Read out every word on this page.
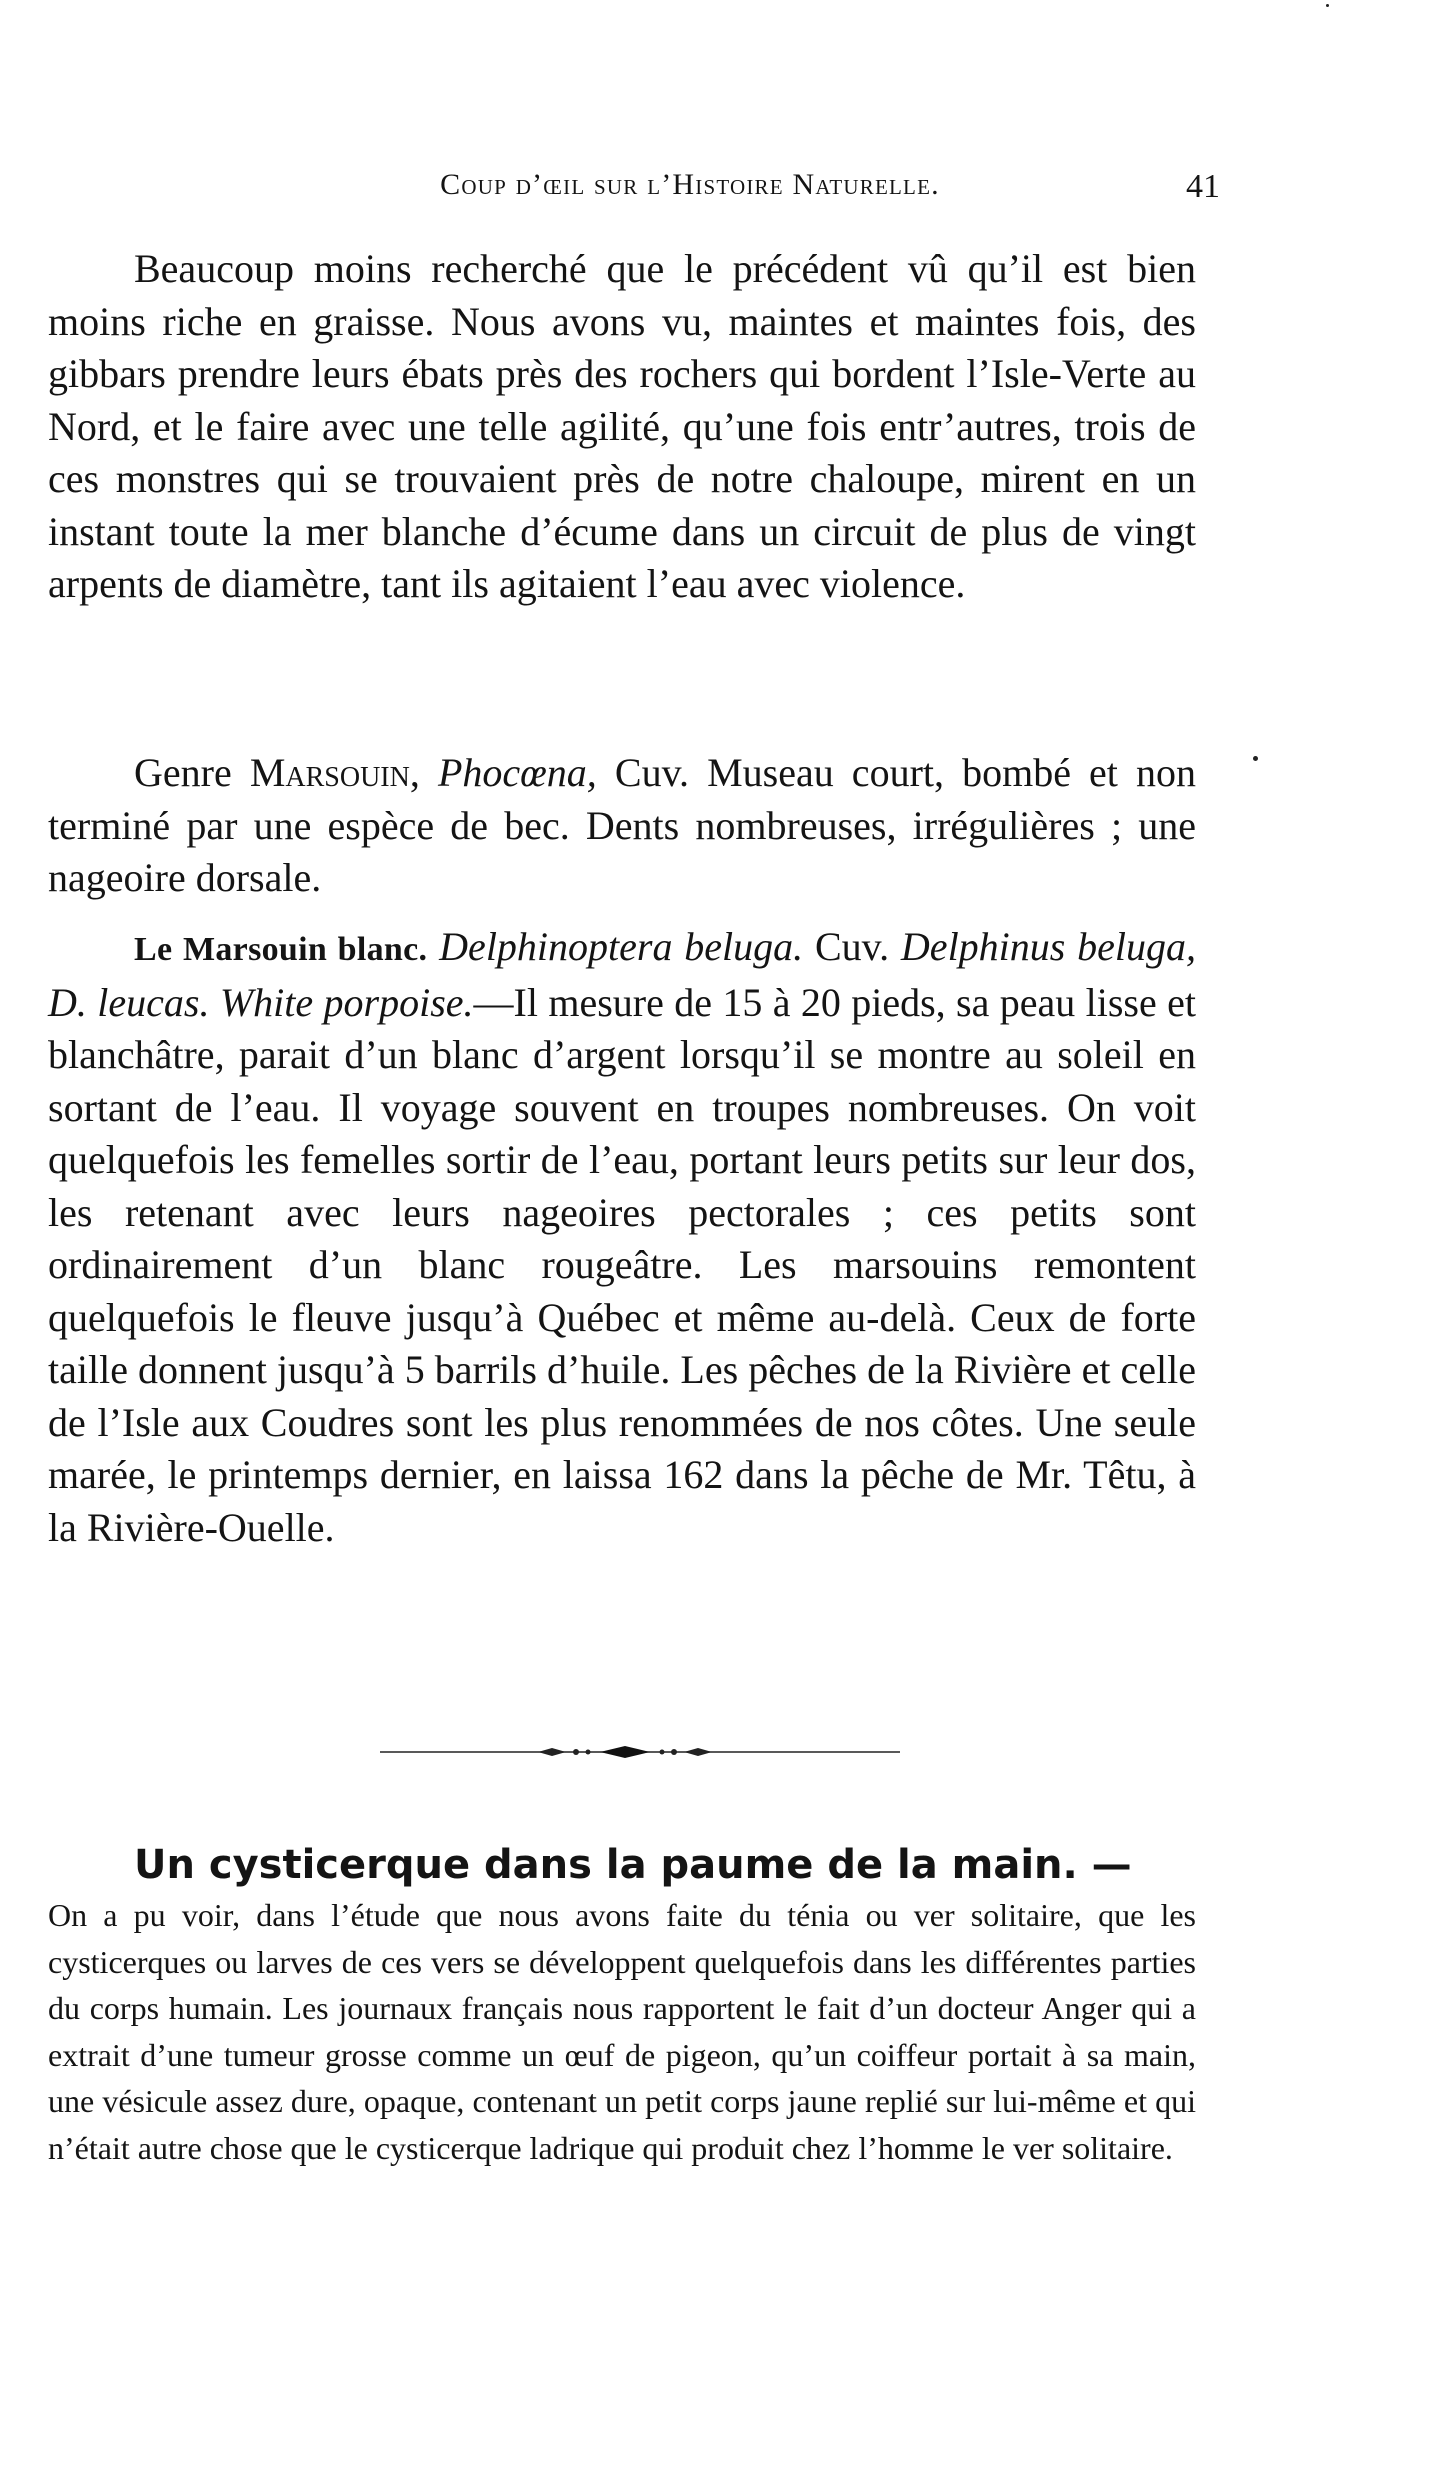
Coup d’œil sur l’Histoire Naturelle.	41

Beaucoup moins recherché que le précédent vû qu’il est bien moins riche en graisse. Nous avons vu, maintes et maintes fois, des gibbars prendre leurs ébats près des rochers qui bordent l’Isle-Verte au Nord, et le faire avec une telle agilité, qu’une fois entr’autres, trois de ces monstres qui se trouvaient près de notre chaloupe, mirent en un instant toute la mer blanche d’écume dans un circuit de plus de vingt arpents de diamètre, tant ils agitaient l’eau avec violence.

Genre Marsouin, Phocœna, Cuv. Museau court, bombé et non terminé par une espèce de bec. Dents nombreuses, irrégulières ; une nageoire dorsale.

Le Marsouin blanc. Delphinoptera beluga. Cuv. Delphinus beluga, D. leucas. White porpoise.—Il mesure de 15 à 20 pieds, sa peau lisse et blanchâtre, parait d’un blanc d’argent lorsqu’il se montre au soleil en sortant de l’eau. Il voyage souvent en troupes nombreuses. On voit quelquefois les femelles sortir de l’eau, portant leurs petits sur leur dos, les retenant avec leurs nageoires pectorales ; ces petits sont ordinairement d’un blanc rougeâtre. Les marsouins remontent quelquefois le fleuve jusqu’à Québec et même au-delà. Ceux de forte taille donnent jusqu’à 5 barrils d’huile. Les pêches de la Rivière et celle de l’Isle aux Coudres sont les plus renommées de nos côtes. Une seule marée, le printemps dernier, en laissa 162 dans la pêche de Mr. Têtu, à la Rivière-Ouelle.

Un cysticerque dans la paume de la main. —

On a pu voir, dans l’étude que nous avons faite du ténia ou ver solitaire, que les cysticerques ou larves de ces vers se développent quelquefois dans les différentes parties du corps humain. Les journaux français nous rapportent le fait d’un docteur Anger qui a extrait d’une tumeur grosse comme un œuf de pigeon, qu’un coiffeur portait à sa main, une vésicule assez dure, opaque, contenant un petit corps jaune replié sur lui-même et qui n’était autre chose que le cysticerque ladrique qui produit chez l’homme le ver solitaire.
